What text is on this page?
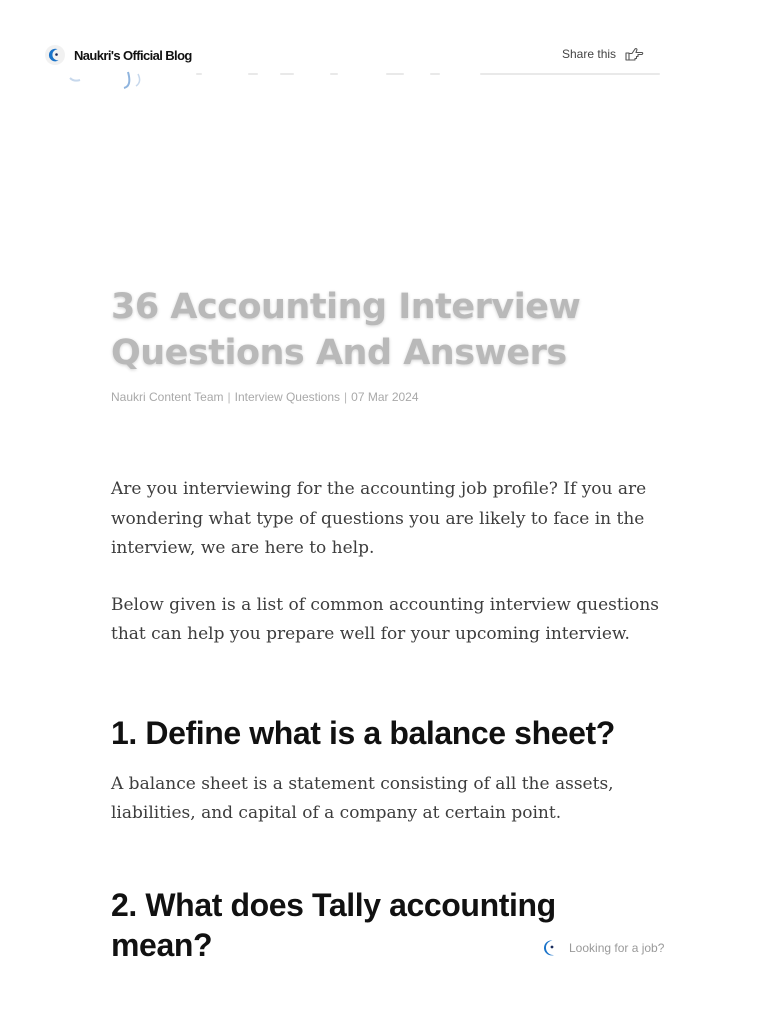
Naukri's Official Blog	Share this
36 Accounting Interview Questions And Answers
Naukri Content Team | Interview Questions | 07 Mar 2024

Are you interviewing for the accounting job profile? If you are wondering what type of questions you are likely to face in the interview, we are here to help.

Below given is a list of common accounting interview questions that can help you prepare well for your upcoming interview.

1. Define what is a balance sheet?

A balance sheet is a statement consisting of all the assets, liabilities, and capital of a company at certain point.

2. What does Tally accounting mean?	Looking for a job?
